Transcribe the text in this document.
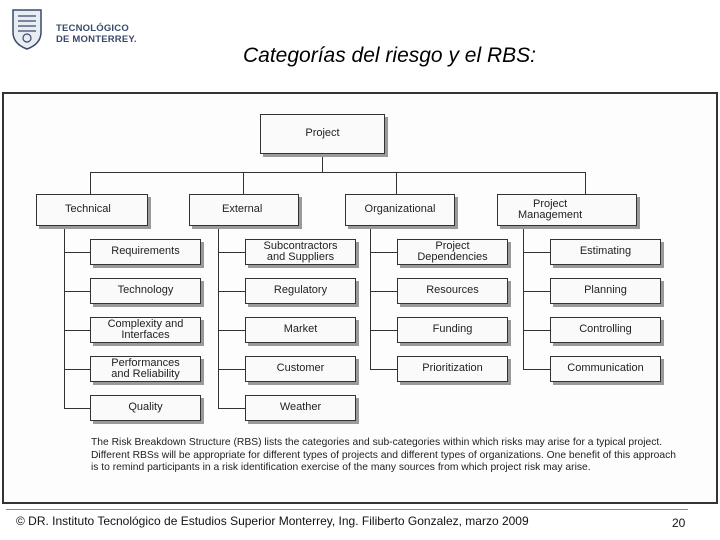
TECNOLÓGICO
DE MONTERREY.
Categorías del riesgo y el RBS:
Project
Technical	External	Organizational	Project
Management
Requirements
Technology
Complexity and
Interfaces
Performances
and Reliability
Quality
Subcontractors
and Suppliers
Regulatory
Market
Customer
Weather
Project
Dependencies
Resources
Funding
Prioritization
Estimating
Planning
Controlling
Communication
The Risk Breakdown Structure (RBS) lists the categories and sub-categories within which risks may arise for a typical project. Different RBSs will be appropriate for different types of projects and different types of organizations. One benefit of this approach is to remind participants in a risk identification exercise of the many sources from which project risk may arise.
© DR. Instituto Tecnológico de Estudios Superior Monterrey, Ing. Filiberto Gonzalez, marzo 2009	20
